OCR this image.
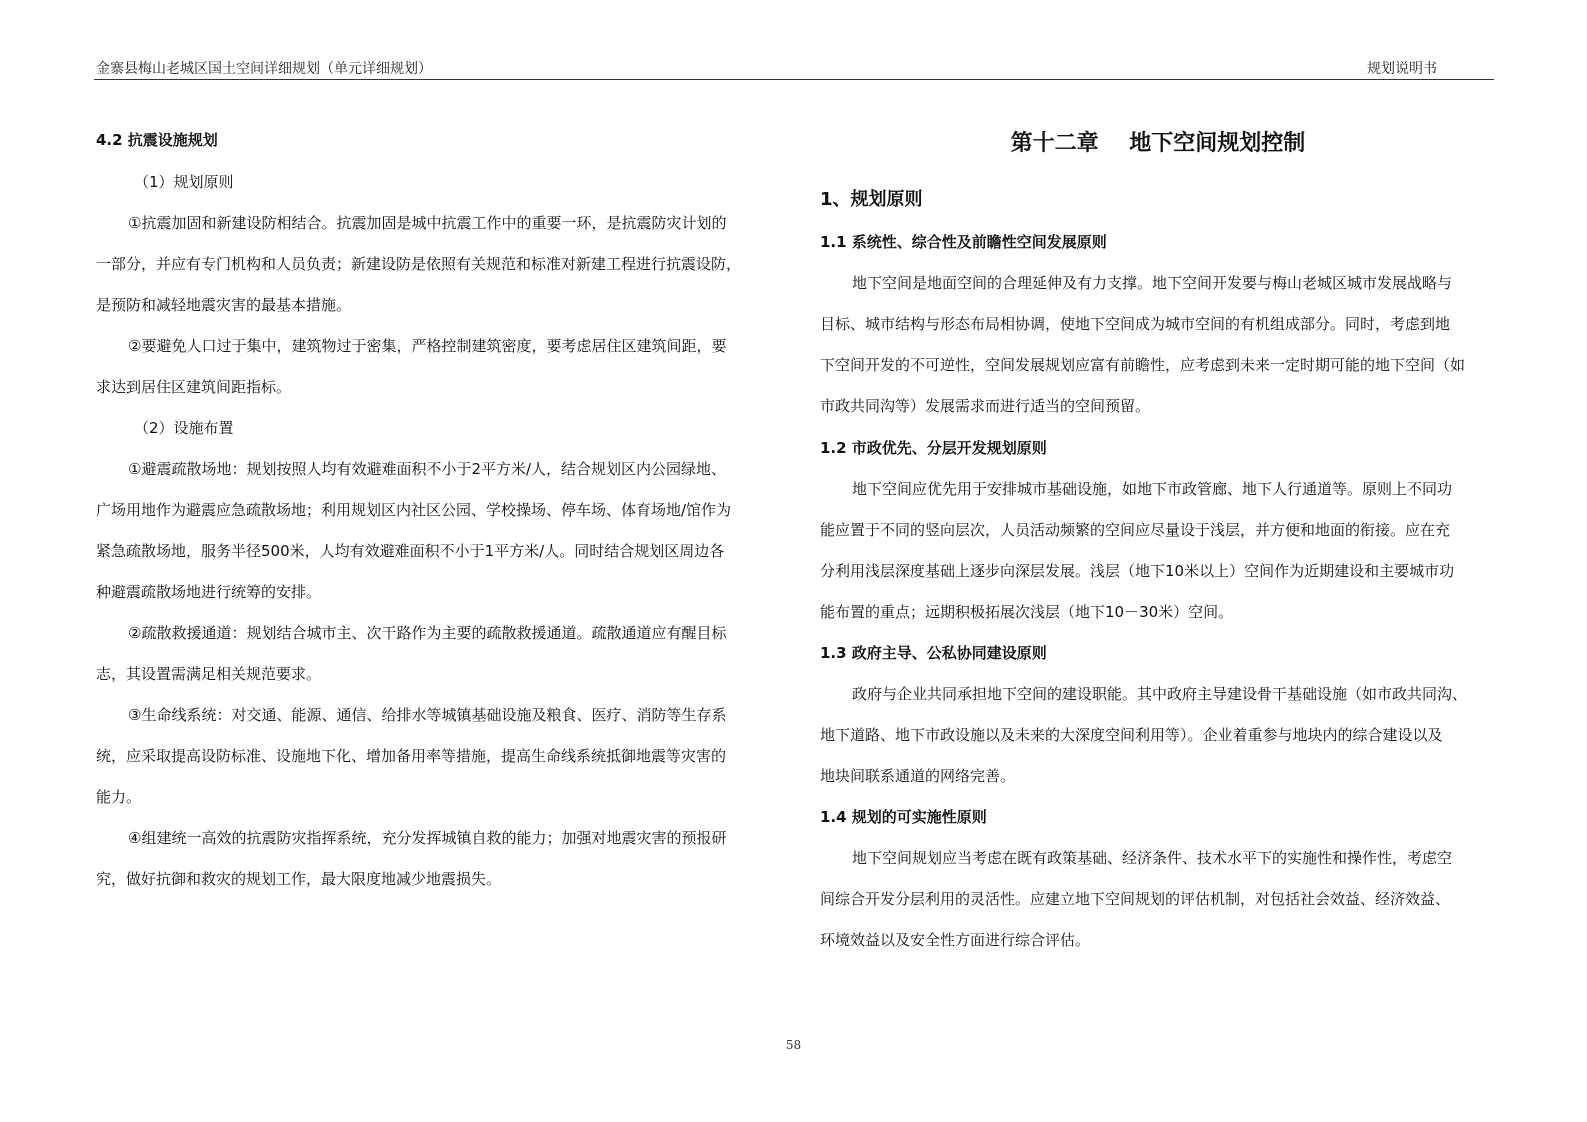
金寨县梅山老城区国土空间详细规划（单元详细规划）	规划说明书
4.2 抗震设施规划
（1）规划原则
①抗震加固和新建设防相结合。抗震加固是城中抗震工作中的重要一环，是抗震防灾计划的
一部分，并应有专门机构和人员负责；新建设防是依照有关规范和标准对新建工程进行抗震设防，
是预防和减轻地震灾害的最基本措施。
②要避免人口过于集中，建筑物过于密集，严格控制建筑密度，要考虑居住区建筑间距，要
求达到居住区建筑间距指标。
（2）设施布置
①避震疏散场地：规划按照人均有效避难面积不小于2平方米/人，结合规划区内公园绿地、
广场用地作为避震应急疏散场地；利用规划区内社区公园、学校操场、停车场、体育场地/馆作为
紧急疏散场地，服务半径500米，人均有效避难面积不小于1平方米/人。同时结合规划区周边各
种避震疏散场地进行统筹的安排。
②疏散救援通道：规划结合城市主、次干路作为主要的疏散救援通道。疏散通道应有醒目标
志，其设置需满足相关规范要求。
③生命线系统：对交通、能源、通信、给排水等城镇基础设施及粮食、医疗、消防等生存系
统，应采取提高设防标准、设施地下化、增加备用率等措施，提高生命线系统抵御地震等灾害的
能力。
④组建统一高效的抗震防灾指挥系统，充分发挥城镇自救的能力；加强对地震灾害的预报研
究，做好抗御和救灾的规划工作，最大限度地减少地震损失。
第十二章    地下空间规划控制
1、规划原则
1.1 系统性、综合性及前瞻性空间发展原则
地下空间是地面空间的合理延伸及有力支撑。地下空间开发要与梅山老城区城市发展战略与
目标、城市结构与形态布局相协调，使地下空间成为城市空间的有机组成部分。同时，考虑到地
下空间开发的不可逆性，空间发展规划应富有前瞻性，应考虑到未来一定时期可能的地下空间（如
市政共同沟等）发展需求而进行适当的空间预留。
1.2 市政优先、分层开发规划原则
地下空间应优先用于安排城市基础设施，如地下市政管廊、地下人行通道等。原则上不同功
能应置于不同的竖向层次，人员活动频繁的空间应尽量设于浅层，并方便和地面的衔接。应在充
分利用浅层深度基础上逐步向深层发展。浅层（地下10米以上）空间作为近期建设和主要城市功
能布置的重点；远期积极拓展次浅层（地下10－30米）空间。
1.3 政府主导、公私协同建设原则
政府与企业共同承担地下空间的建设职能。其中政府主导建设骨干基础设施（如市政共同沟、
地下道路、地下市政设施以及未来的大深度空间利用等）。企业着重参与地块内的综合建设以及
地块间联系通道的网络完善。
1.4 规划的可实施性原则
地下空间规划应当考虑在既有政策基础、经济条件、技术水平下的实施性和操作性，考虑空
间综合开发分层利用的灵活性。应建立地下空间规划的评估机制，对包括社会效益、经济效益、
环境效益以及安全性方面进行综合评估。
58
